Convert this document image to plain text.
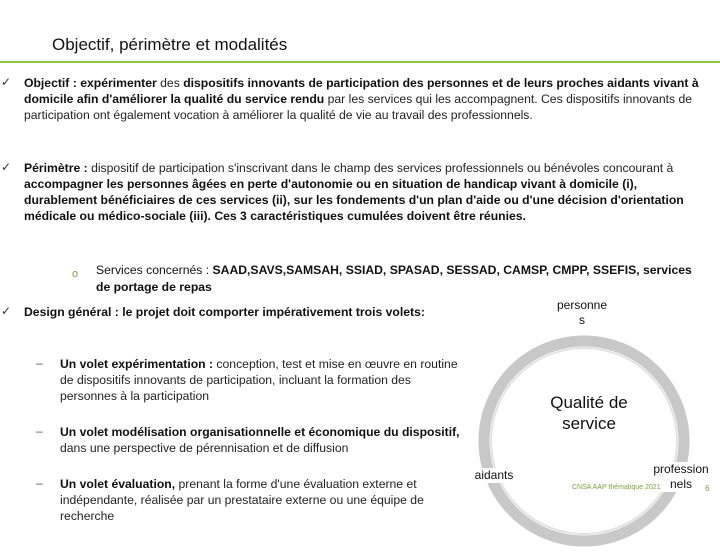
Objectif, périmètre et modalités
✓ Objectif : expérimenter des dispositifs innovants de participation des personnes et de leurs proches aidants vivant à domicile afin d'améliorer la qualité du service rendu par les services qui les accompagnent. Ces dispositifs innovants de participation ont également vocation à améliorer la qualité de vie au travail des professionnels.
✓ Périmètre : dispositif de participation s'inscrivant dans le champ des services professionnels ou bénévoles concourant à accompagner les personnes âgées en perte d'autonomie ou en situation de handicap vivant à domicile (i), durablement bénéficiaires de ces services (ii), sur les fondements d'un plan d'aide ou d'une décision d'orientation médicale ou médico-sociale (iii). Ces 3 caractéristiques cumulées doivent être réunies.
o Services concernés : SAAD,SAVS,SAMSAH, SSIAD, SPASAD, SESSAD, CAMSP, CMPP, SSEFIS, services de portage de repas
✓ Design général : le projet doit comporter impérativement trois volets:
– Un volet expérimentation : conception, test et mise en œuvre en routine de dispositifs innovants de participation, incluant la formation des personnes à la participation
– Un volet modélisation organisationnelle et économique du dispositif, dans une perspective de pérennisation et de diffusion
– Un volet évaluation, prenant la forme d'une évaluation externe et indépendante, réalisée par un prestataire externe ou une équipe de recherche
personnes
Qualité de service
aidants	professionnels
CNSA AAP thématique 2021	6
